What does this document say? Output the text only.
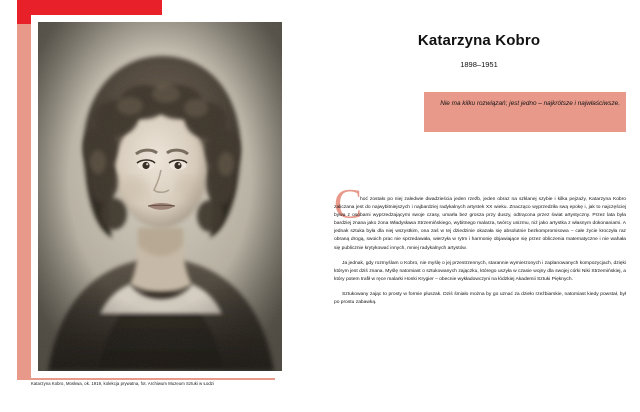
Katarzyna Kobro, Moskwa, ok. 1919, kolekcja prywatna, fot. Archiwum Muzeum Sztuki w Łodzi
Katarzyna Kobro
1898–1951
Nie ma kilku rozwiązań; jest jedno – najkrótsze i najwłaściwsze.
C

hoć zostało po niej zaledwie dwadzieścia jeden rzeźb, jeden obraz na szklanej szybie i kilka pejzaży, Katarzyna Kobro zaliczana jest do najwybitniejszych i najbardziej radykalnych artystek XX wieku. Znacząco wyprzedziła swą epokę i, jak to najczęściej bywa z osobami wyprzedzającymi swoje czasy, umarła bez grosza przy duszy, odtrącona przez świat artystyczny. Przez lata była bardziej znana jako żona Władysława Strzemińskiego, wybitnego malarza, twórcy unizmu, niż jako artystka z własnym dokonaniami. A jednak sztuka była dla niej wszystkim, ona zaś w tej dziedzinie okazała się absolutnie bezkompromisowa – całe życie kroczyła raz obraną drogą, swoich prac nie sprzedawała, wierzyła w rytm i harmonię objawiające się przez obliczenia matematyczne i nie wahała się publicznie krytykować innych, mniej radykalnych artystów.

Ja jednak, gdy rozmyślam o Kobro, nie myślę o jej przestrzennych, starannie wymierzonych i zaplanowanych kompozycjach, dzięki którym jest dziś znana. Myślę natomiast o sztukowanych zajączku, którego uszyła w czasie wojny dla swojej córki Niki Strzemińskiej, a który potem trafił w ręce malarki Honki Krygier – obecnie wykładowczyni na łódzkiej Akademii Sztuki Pięknych.

Sztukowany zając to prosty w formie pluszak. Dziś śmiało można by go uznać za dzieło rzeźbiarskie, natomiast kiedy powstał, był po prostu zabawką.
